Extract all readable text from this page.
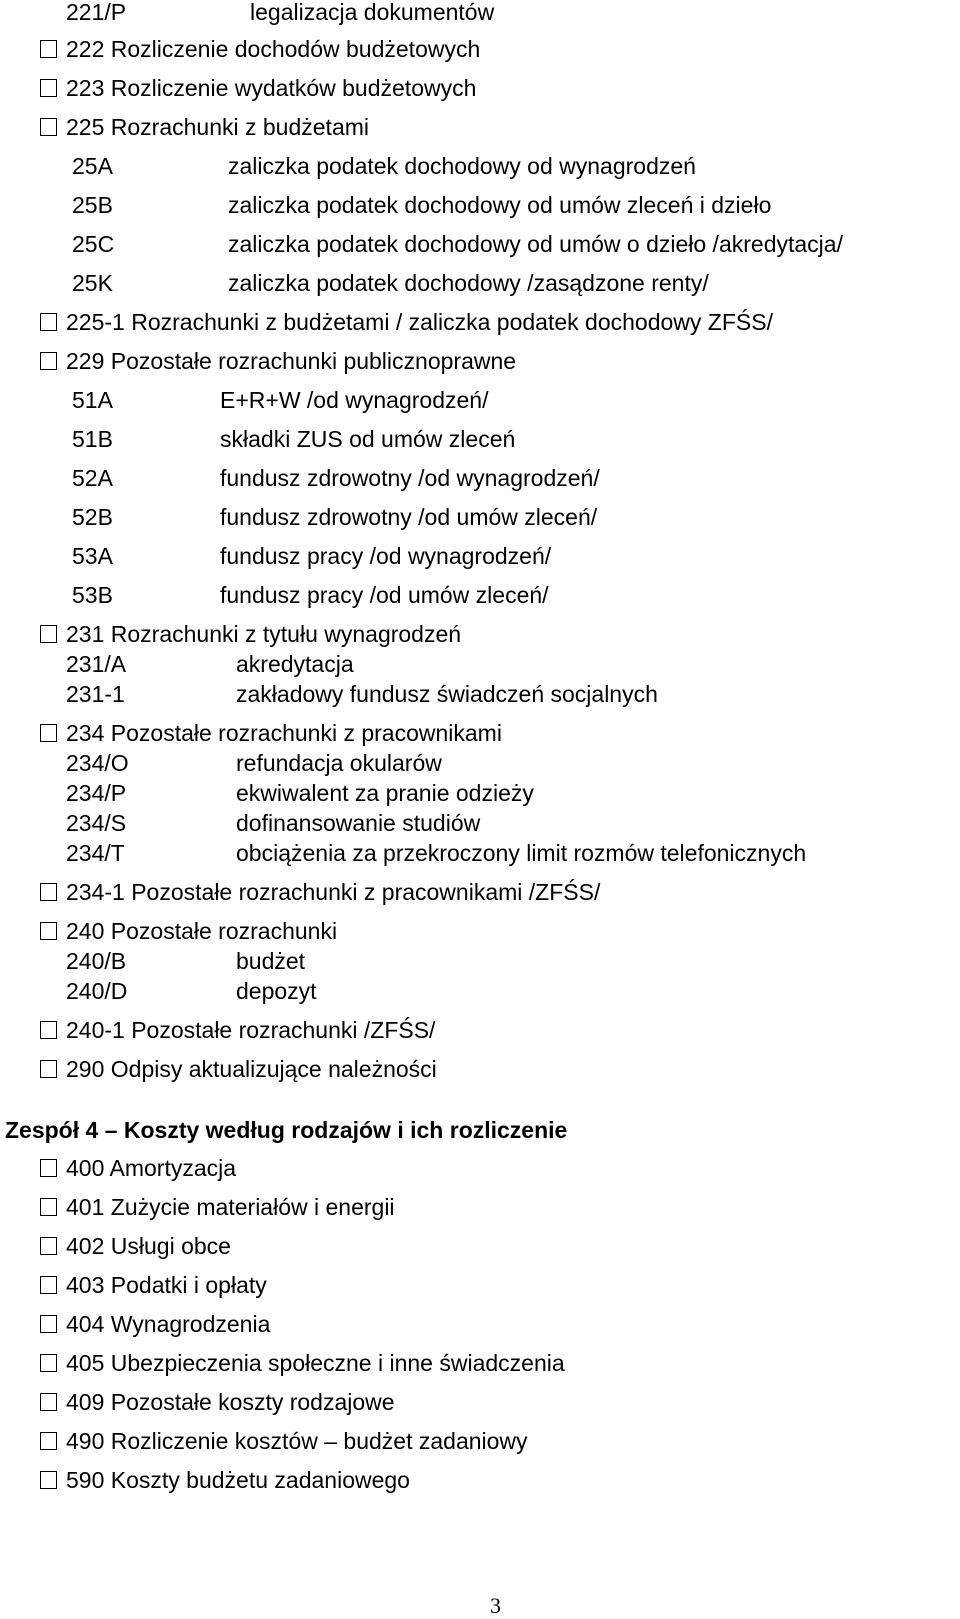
221/P	legalizacja dokumentów
222 Rozliczenie dochodów budżetowych
223 Rozliczenie wydatków budżetowych
225 Rozrachunki z budżetami
25A	zaliczka podatek dochodowy od wynagrodzeń
25B	zaliczka podatek dochodowy od umów zleceń i dzieło
25C	zaliczka podatek dochodowy od umów o dzieło /akredytacja/
25K	zaliczka podatek dochodowy /zasądzone renty/
225-1 Rozrachunki z budżetami / zaliczka podatek dochodowy ZFŚS/
229 Pozostałe rozrachunki publicznoprawne
51A	E+R+W /od wynagrodzeń/
51B	składki ZUS od umów zleceń
52A	fundusz zdrowotny /od wynagrodzeń/
52B	fundusz zdrowotny /od umów zleceń/
53A	fundusz pracy /od wynagrodzeń/
53B	fundusz pracy /od umów zleceń/
231 Rozrachunki z tytułu wynagrodzeń
231/A	akredytacja
231-1	zakładowy fundusz świadczeń socjalnych
234 Pozostałe rozrachunki z pracownikami
234/O	refundacja okularów
234/P	ekwiwalent za pranie odzieży
234/S	dofinansowanie studiów
234/T	obciążenia za przekroczony limit rozmów telefonicznych
234-1 Pozostałe rozrachunki z pracownikami /ZFŚS/
240 Pozostałe rozrachunki
240/B	budżet
240/D	depozyt
240-1 Pozostałe rozrachunki /ZFŚS/
290 Odpisy aktualizujące należności
Zespół 4 – Koszty według rodzajów i ich rozliczenie
400 Amortyzacja
401 Zużycie materiałów i energii
402 Usługi obce
403 Podatki i opłaty
404 Wynagrodzenia
405 Ubezpieczenia społeczne i inne świadczenia
409 Pozostałe koszty rodzajowe
490 Rozliczenie kosztów – budżet zadaniowy
590 Koszty budżetu zadaniowego
3
